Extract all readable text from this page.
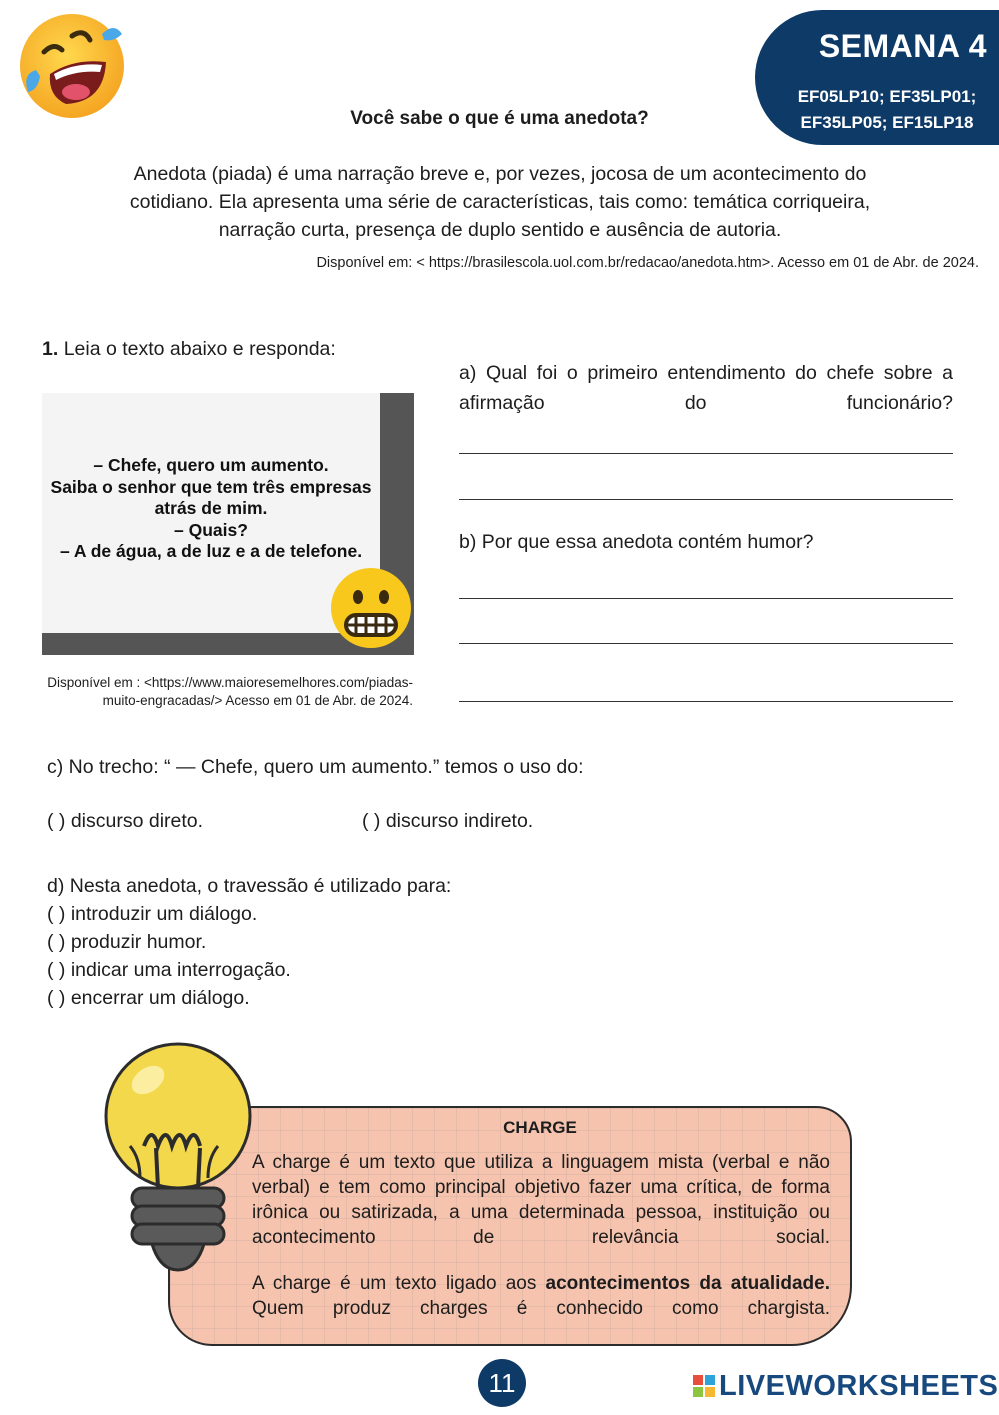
SEMANA 4
EF05LP10; EF35LP01;
EF35LP05; EF15LP18
Você sabe o que é uma anedota?
Anedota (piada) é uma narração breve e, por vezes, jocosa de um acontecimento do cotidiano. Ela apresenta uma série de características, tais como: temática corriqueira, narração curta, presença de duplo sentido e ausência de autoria.
Disponível em: < https://brasilescola.uol.com.br/redacao/anedota.htm>. Acesso em 01 de Abr. de 2024.
1. Leia o texto abaixo e responda:
– Chefe, quero um aumento.
Saiba o senhor que tem três empresas
atrás de mim.
– Quais?
– A de água, a de luz e a de telefone.
Disponível em : <https://www.maioresemelhores.com/piadas-
muito-engracadas/> Acesso em 01 de Abr. de 2024.
a) Qual foi o primeiro entendimento do chefe sobre a afirmação do funcionário?
b) Por que essa anedota contém humor?
c) No trecho: “ — Chefe, quero um aumento.” temos o uso do:
( ) discurso direto.	( ) discurso indireto.
d) Nesta anedota, o travessão é utilizado para:
( ) introduzir um diálogo.
( ) produzir humor.
( ) indicar uma interrogação.
( ) encerrar um diálogo.
CHARGE
A charge é um texto que utiliza a linguagem mista (verbal e não verbal) e tem como principal objetivo fazer uma crítica, de forma irônica ou satirizada, a uma determinada pessoa, instituição ou acontecimento de relevância social.
A charge é um texto ligado aos acontecimentos da atualidade. Quem produz charges é conhecido como chargista.
11	LIVEWORKSHEETS
